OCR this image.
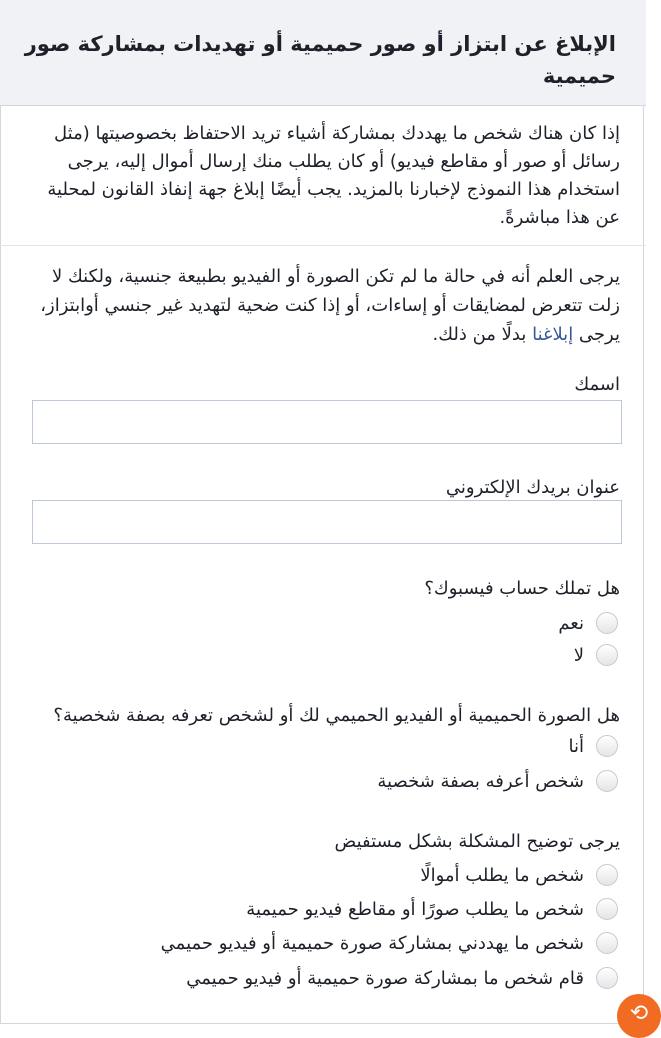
الإبلاغ عن ابتزاز أو صور حميمية أو تهديدات بمشاركة صور حميمية
إذا كان هناك شخص ما يهددك بمشاركة أشياء تريد الاحتفاظ بخصوصيتها (مثل رسائل أو صور أو مقاطع فيديو) أو كان يطلب منك إرسال أموال إليه، يرجى استخدام هذا النموذج لإخبارنا بالمزيد. يجب أيضًا إبلاغ جهة إنفاذ القانون لمحلية عن هذا مباشرةً.
يرجى العلم أنه في حالة ما لم تكن الصورة أو الفيديو بطبيعة جنسية، ولكنك لا زلت تتعرض لمضايقات أو إساءات، أو إذا كنت ضحية لتهديد غير جنسي أوابتزاز، يرجى إبلاغنا بدلًا من ذلك.
اسمك
عنوان بريدك الإلكتروني
هل تملك حساب فيسبوك؟
نعم
لا
هل الصورة الحميمية أو الفيديو الحميمي لك أو لشخص تعرفه بصفة شخصية؟
أنا
شخص أعرفه بصفة شخصية
يرجى توضيح المشكلة بشكل مستفيض
شخص ما يطلب أموالًا
شخص ما يطلب صورًا أو مقاطع فيديو حميمية
شخص ما يهددني بمشاركة صورة حميمية أو فيديو حميمي
قام شخص ما بمشاركة صورة حميمية أو فيديو حميمي
⟲
